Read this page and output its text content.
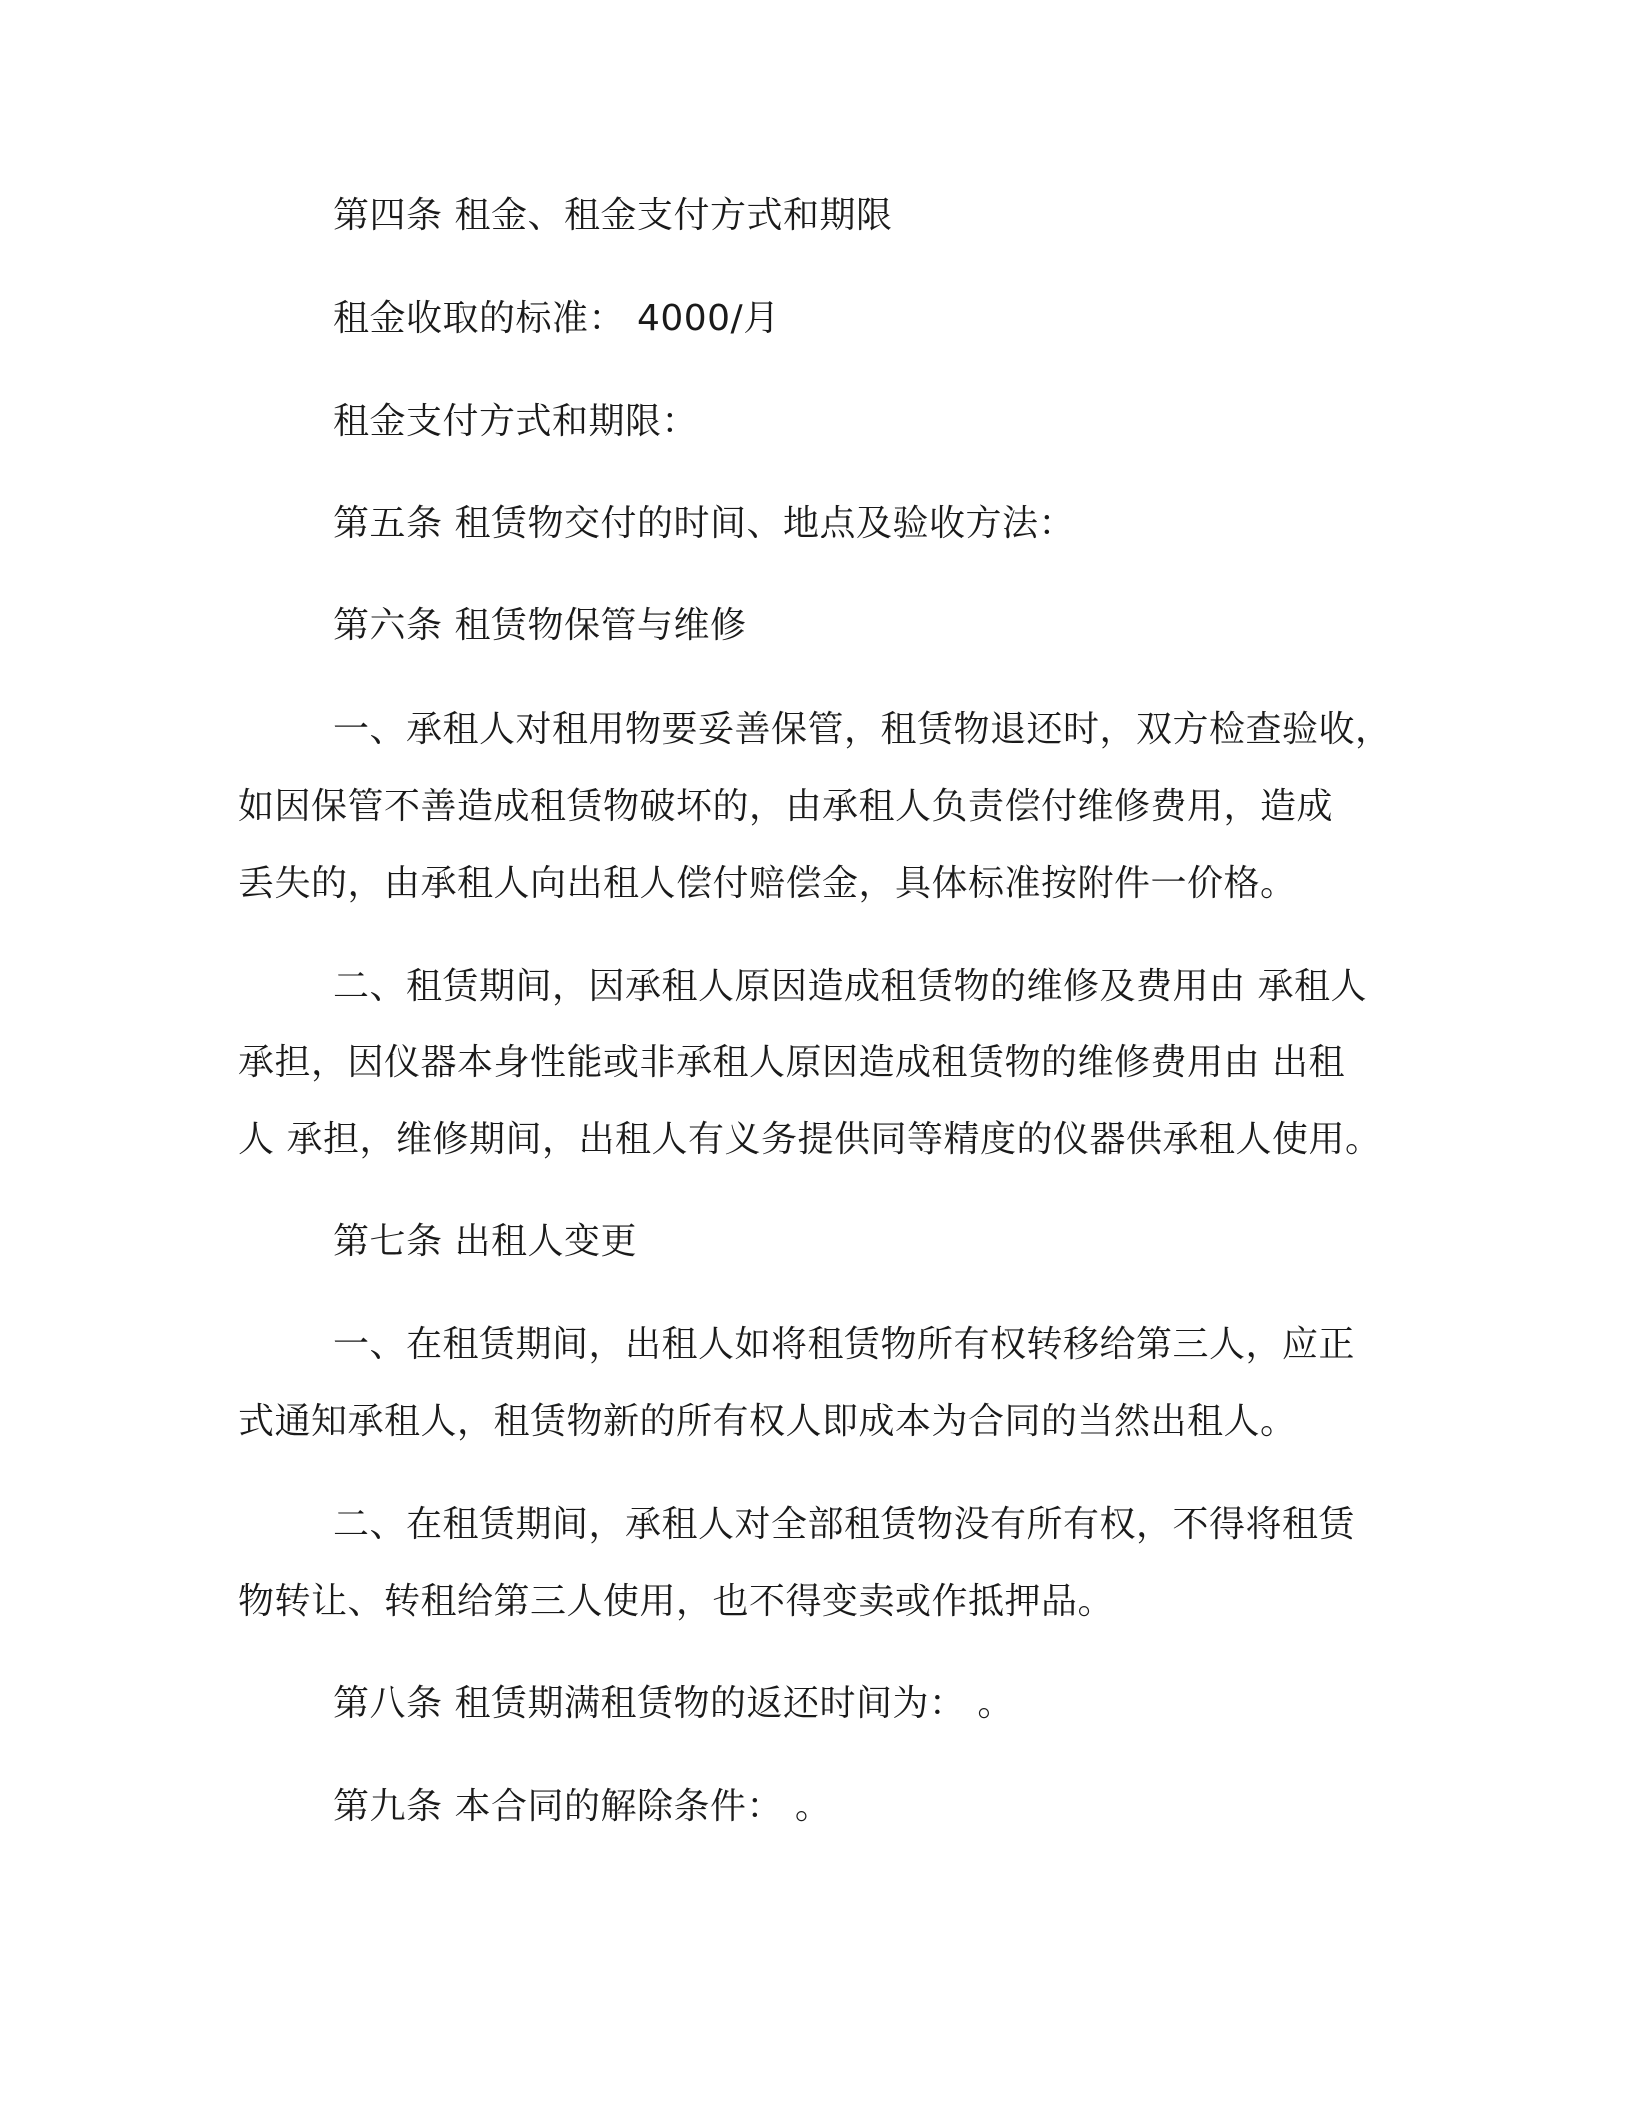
第四条 租金、租金支付方式和期限
租金收取的标准： 4000/月
租金支付方式和期限：
第五条 租赁物交付的时间、地点及验收方法：
第六条 租赁物保管与维修
一、承租人对租用物要妥善保管，租赁物退还时，双方检查验收，
如因保管不善造成租赁物破坏的，由承租人负责偿付维修费用，造成
丢失的，由承租人向出租人偿付赔偿金，具体标准按附件一价格。
二、租赁期间，因承租人原因造成租赁物的维修及费用由 承租人
承担，因仪器本身性能或非承租人原因造成租赁物的维修费用由 出租
人 承担，维修期间，出租人有义务提供同等精度的仪器供承租人使用。
第七条 出租人变更
一、在租赁期间，出租人如将租赁物所有权转移给第三人，应正
式通知承租人，租赁物新的所有权人即成本为合同的当然出租人。
二、在租赁期间，承租人对全部租赁物没有所有权，不得将租赁
物转让、转租给第三人使用，也不得变卖或作抵押品。
第八条 租赁期满租赁物的返还时间为： 。
第九条 本合同的解除条件： 。
